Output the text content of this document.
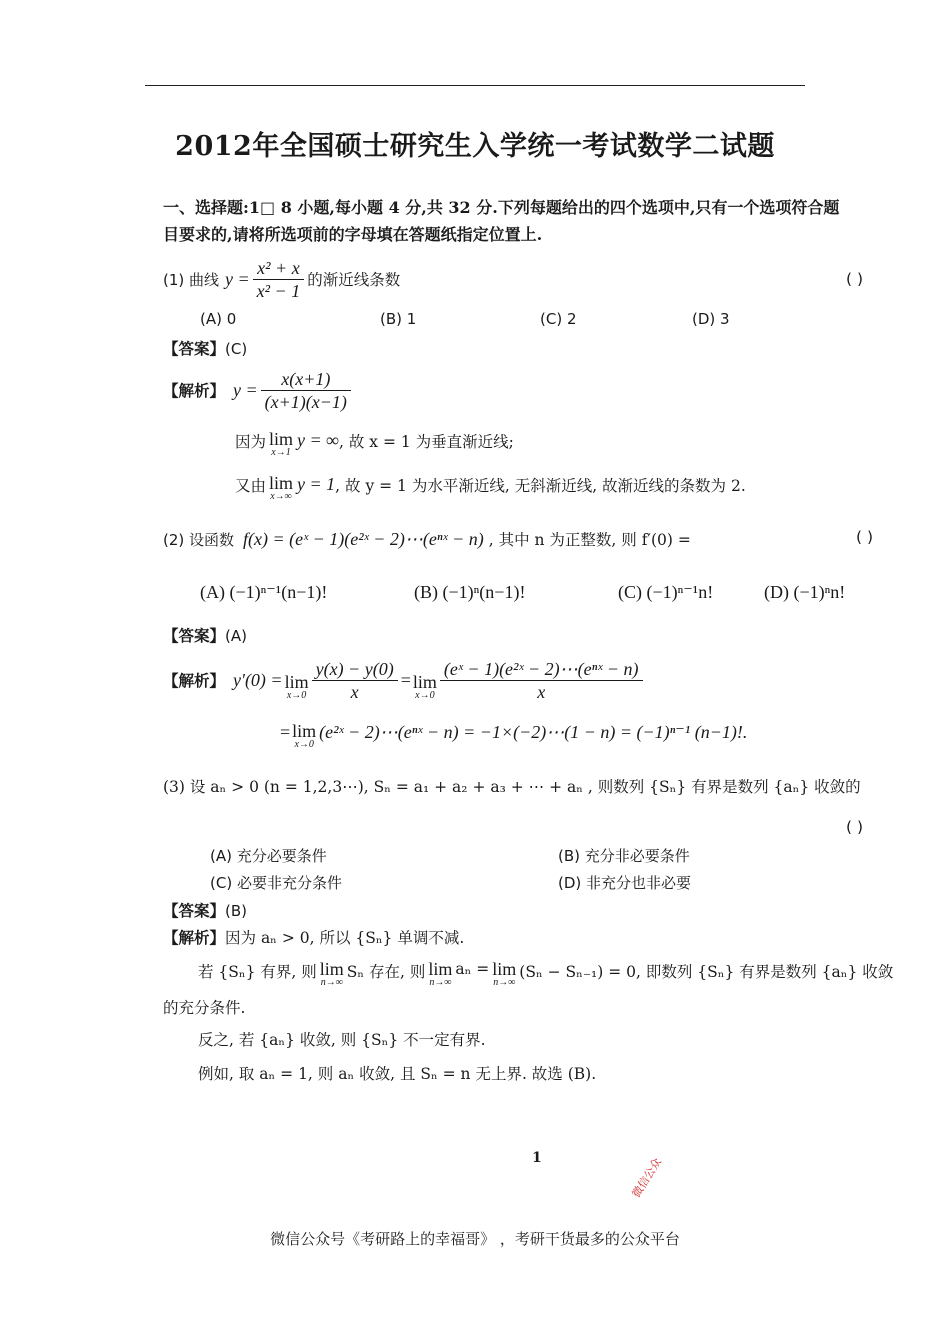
2012年全国硕士研究生入学统一考试数学二试题
一、选择题:1□ 8 小题,每小题 4 分,共 32 分.下列每题给出的四个选项中,只有一个选项符合题
目要求的,请将所选项前的字母填在答题纸指定位置上.
(1) 曲线 $y = \frac{\text{x² + x}}{\text{x² − 1}}$ 的渐近线条数	( )
(A) 0	(B) 1	(C) 2	(D) 3
【答案】(C)
【解析】 $y = \frac{x(x+1)}{(x+1)(x-1)}$
因为 lim
x→1
y = ∞ , 故 x = 1 为垂直渐近线;
又由 lim
x→∞
y = 1 , 故 y = 1 为水平渐近线, 无斜渐近线, 故渐近线的条数为 2.
(2) 设函数 f(x) = (eˣ − 1)(e²ˣ − 2)⋯(eⁿˣ − n) , 其中 n 为正整数, 则 f′(0) =	( )
(A) (−1)ⁿ⁻¹(n−1)!	(B) (−1)ⁿ(n−1)!	(C) (−1)ⁿ⁻¹n!	(D) (−1)ⁿn!
【答案】(A)
【解析】 y′(0) = lim
$x\to 0 \frac{y(x) - y(0)}{x} = \lim$
$x\to 0 \frac{\text{(eˣ − 1)(e²ˣ − 2)⋯(eⁿˣ − n)}}{x}$
= lim
x→0
(e²ˣ − 2)⋯(eⁿˣ − n) = −1×(−2)⋯(1 − n) = (−1)ⁿ⁻¹ (n−1)!.
(3) 设 aₙ > 0 (n = 1,2,3⋯), Sₙ = a₁ + a₂ + a₃ + ⋯ + aₙ , 则数列 {Sₙ} 有界是数列 {aₙ} 收敛的
( )
(A) 充分必要条件	(B) 充分非必要条件
(C) 必要非充分条件	(D) 非充分也非必要
【答案】(B)
【解析】因为 aₙ > 0, 所以 {Sₙ} 单调不减.
若 {Sₙ} 有界, 则 lim
n→∞
Sₙ 存在, 则 lim
n→∞
aₙ = lim
n→∞
(Sₙ − Sₙ₋₁) = 0, 即数列 {Sₙ} 有界是数列 {aₙ} 收敛
的充分条件.
反之, 若 {aₙ} 收敛, 则 {Sₙ} 不一定有界.
例如, 取 aₙ = 1, 则 aₙ 收敛, 且 Sₙ = n 无上界. 故选 (B).
1	微信公众
微信公众号《考研路上的幸福哥》 ，考研干货最多的公众平台
